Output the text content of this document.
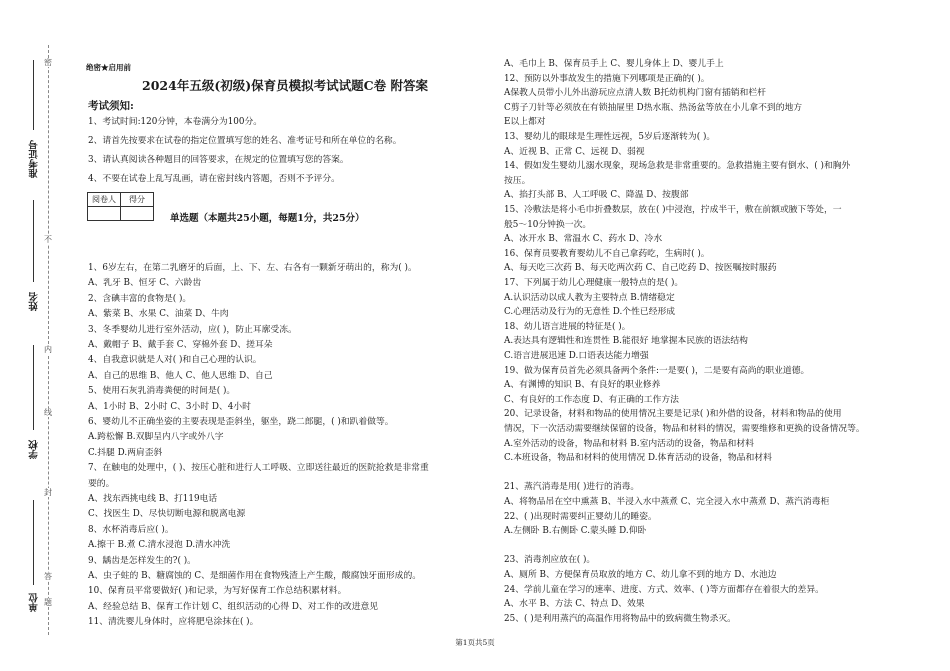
密
不
内
线
封
题
答
准考证号
姓名
学校
单位
绝密★启用前
2024年五级(初级)保育员模拟考试试题C卷 附答案
考试须知:
1、考试时间:120分钟，本卷满分为100分。
2、请首先按要求在试卷的指定位置填写您的姓名、准考证号和所在单位的名称。
3、请认真阅读各种题目的回答要求，在规定的位置填写您的答案。
4、不要在试卷上乱写乱画，请在密封线内答题，否则不予评分。
阅卷人	得分

单选题（本题共25小题，每题1分，共25分）
1、6岁左右，在第二乳磨牙的后面，上、下、左、右各有一颗新牙萌出的，称为( )。
A、乳牙 B、恒牙 C、六龄齿
2、含碘丰富的食物是( )。
A、紫菜 B、水果 C、油菜 D、牛肉
3、冬季婴幼儿进行室外活动，应( )，防止耳廓受冻。
A、戴帽子 B、戴手套 C、穿棉外套 D、搓耳朵
4、自我意识就是人对( )和自己心理的认识。
A、自己的思维 B、他人 C、他人思维 D、自己
5、使用石灰乳消毒粪便的时间是( )。
A、1小时 B、2小时 C、3小时 D、4小时
6、婴幼儿不正确坐姿的主要表现是歪斜坐，躯坐，跷二郎腿，( )和趴着做等。
A.跨松懈 B.双脚呈内八字或外八字
C.抖腿 D.两肩歪斜
7、在触电的处理中，( )、按压心脏和进行人工呼吸、立即送往最近的医院抢救是非常重
要的。
A、找东西挑电线 B、打119电话
C、找医生 D、尽快切断电源和脱离电源
8、水杯消毒后应( )。
A.擦干 B.煮 C.清水浸泡 D.清水冲洗
9、龋齿是怎样发生的?( )。
A、虫子蛀的 B、糖腐蚀的 C、是细菌作用在食物残渣上产生酸，酸腐蚀牙面形成的。
10、保育员平常要做好( )和记录，为写好保育工作总结积累材料。
A、经验总结 B、保育工作计划 C、组织活动的心得 D、对工作的改进意见
11、清洗婴儿身体时，应将肥皂涂抹在( )。
A、毛巾上 B、保育员手上 C、婴儿身体上 D、婴儿手上
12、预防以外事故发生的措施下列哪项是正确的( )。
A保教人员带小儿外出游玩应点清人数 B托幼机构门窗有插销和栏杆
C剪子刀针等必须放在有锁抽屉里 D热水瓶、热汤盆等放在小儿拿不到的地方
E以上都对
13、婴幼儿的眼球是生理性远视，5岁后逐渐转为( )。
A、近视 B、正常 C、远视 D、弱视
14、假如发生婴幼儿溺水现象，现场急救是非常重要的。急救措施主要有倒水、( )和胸外
按压。
A、掐打头部 B、人工呼吸 C、降温 D、按腹部
15、冷敷法是将小毛巾折叠数层，放在( )中浸泡，拧成半干，敷在前额或腋下等处，一
般5～10分钟换一次。
A、冰开水 B、常温水 C、药水 D、冷水
16、保育员要教育婴幼儿不自己拿药吃，生病时( )。
A、每天吃三次药 B、每天吃两次药 C、自己吃药 D、按医嘱按时服药
17、下列属于幼儿心理健康一般特点的是( )。
A.认识活动以成人教为主要特点 B.情绪稳定
C.心理活动及行为的无意性 D.个性已经形成
18、幼儿语言进展的特征是( )。
A.表达具有逻辑性和连贯性 B.能很好 地掌握本民族的语法结构
C.语言进展迅速 D.口语表达能力增强
19、做为保育员首先必须具备两个条件:一是要( )，二是要有高尚的职业道德。
A、有渊博的知识 B、有良好的职业修养
C、有良好的工作态度 D、有正确的工作方法
20、记录设备，材料和物品的使用情况主要是记录( )和外借的设备，材料和物品的使用
情况，下一次活动需要继续保留的设备，物品和材料的情况，需要维修和更换的设备情况等。
A.室外活动的设备，物品和材料 B.室内活动的设备，物品和材料
C.本班设备，物品和材料的使用情况 D.体育活动的设备，物品和材料
21、蒸汽消毒是用( )进行的消毒。
A、将物品吊在空中熏蒸 B、半浸入水中蒸煮 C、完全浸入水中蒸煮 D、蒸汽消毒柜
22、( )出现时需要纠正婴幼儿的睡姿。
A.左侧卧 B.右侧卧 C.蒙头睡 D.仰卧
23、消毒剂应放在( )。
A、厕所 B、方便保育员取放的地方 C、幼儿拿不到的地方 D、水池边
24、学前儿童在学习的速率、进度、方式、效率、( )等方面都存在着很大的差异。
A、水平 B、方法 C、特点 D、效果
25、( )是利用蒸汽的高温作用将物品中的致病微生物杀灭。
第1页共5页
